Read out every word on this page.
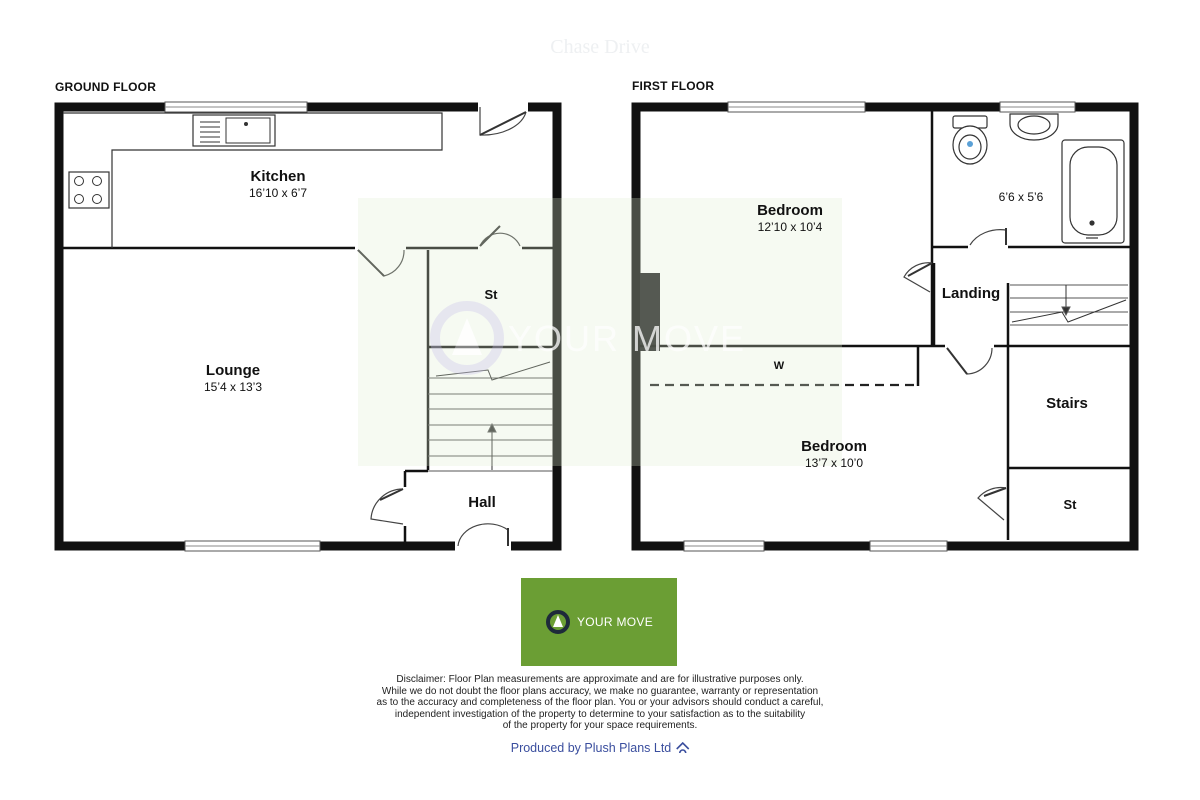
Chase Drive
YOUR MOVE
GROUND FLOOR	FIRST FLOOR
Kitchen
16’10 x 6’7
Lounge
15’4 x 13’3
St
Hall
Bedroom
12’10 x 10’4
6’6 x 5’6
Landing
W
Bedroom
13’7 x 10’0
Stairs
St
YOUR MOVE
Disclaimer: Floor Plan measurements are approximate and are for illustrative purposes only.
While we do not doubt the floor plans accuracy, we make no guarantee, warranty or representation
as to the accuracy and completeness of the floor plan. You or your advisors should conduct a careful,
independent investigation of the property to determine to your satisfaction as to the suitability
of the property for your space requirements.
Produced by Plush Plans Ltd
